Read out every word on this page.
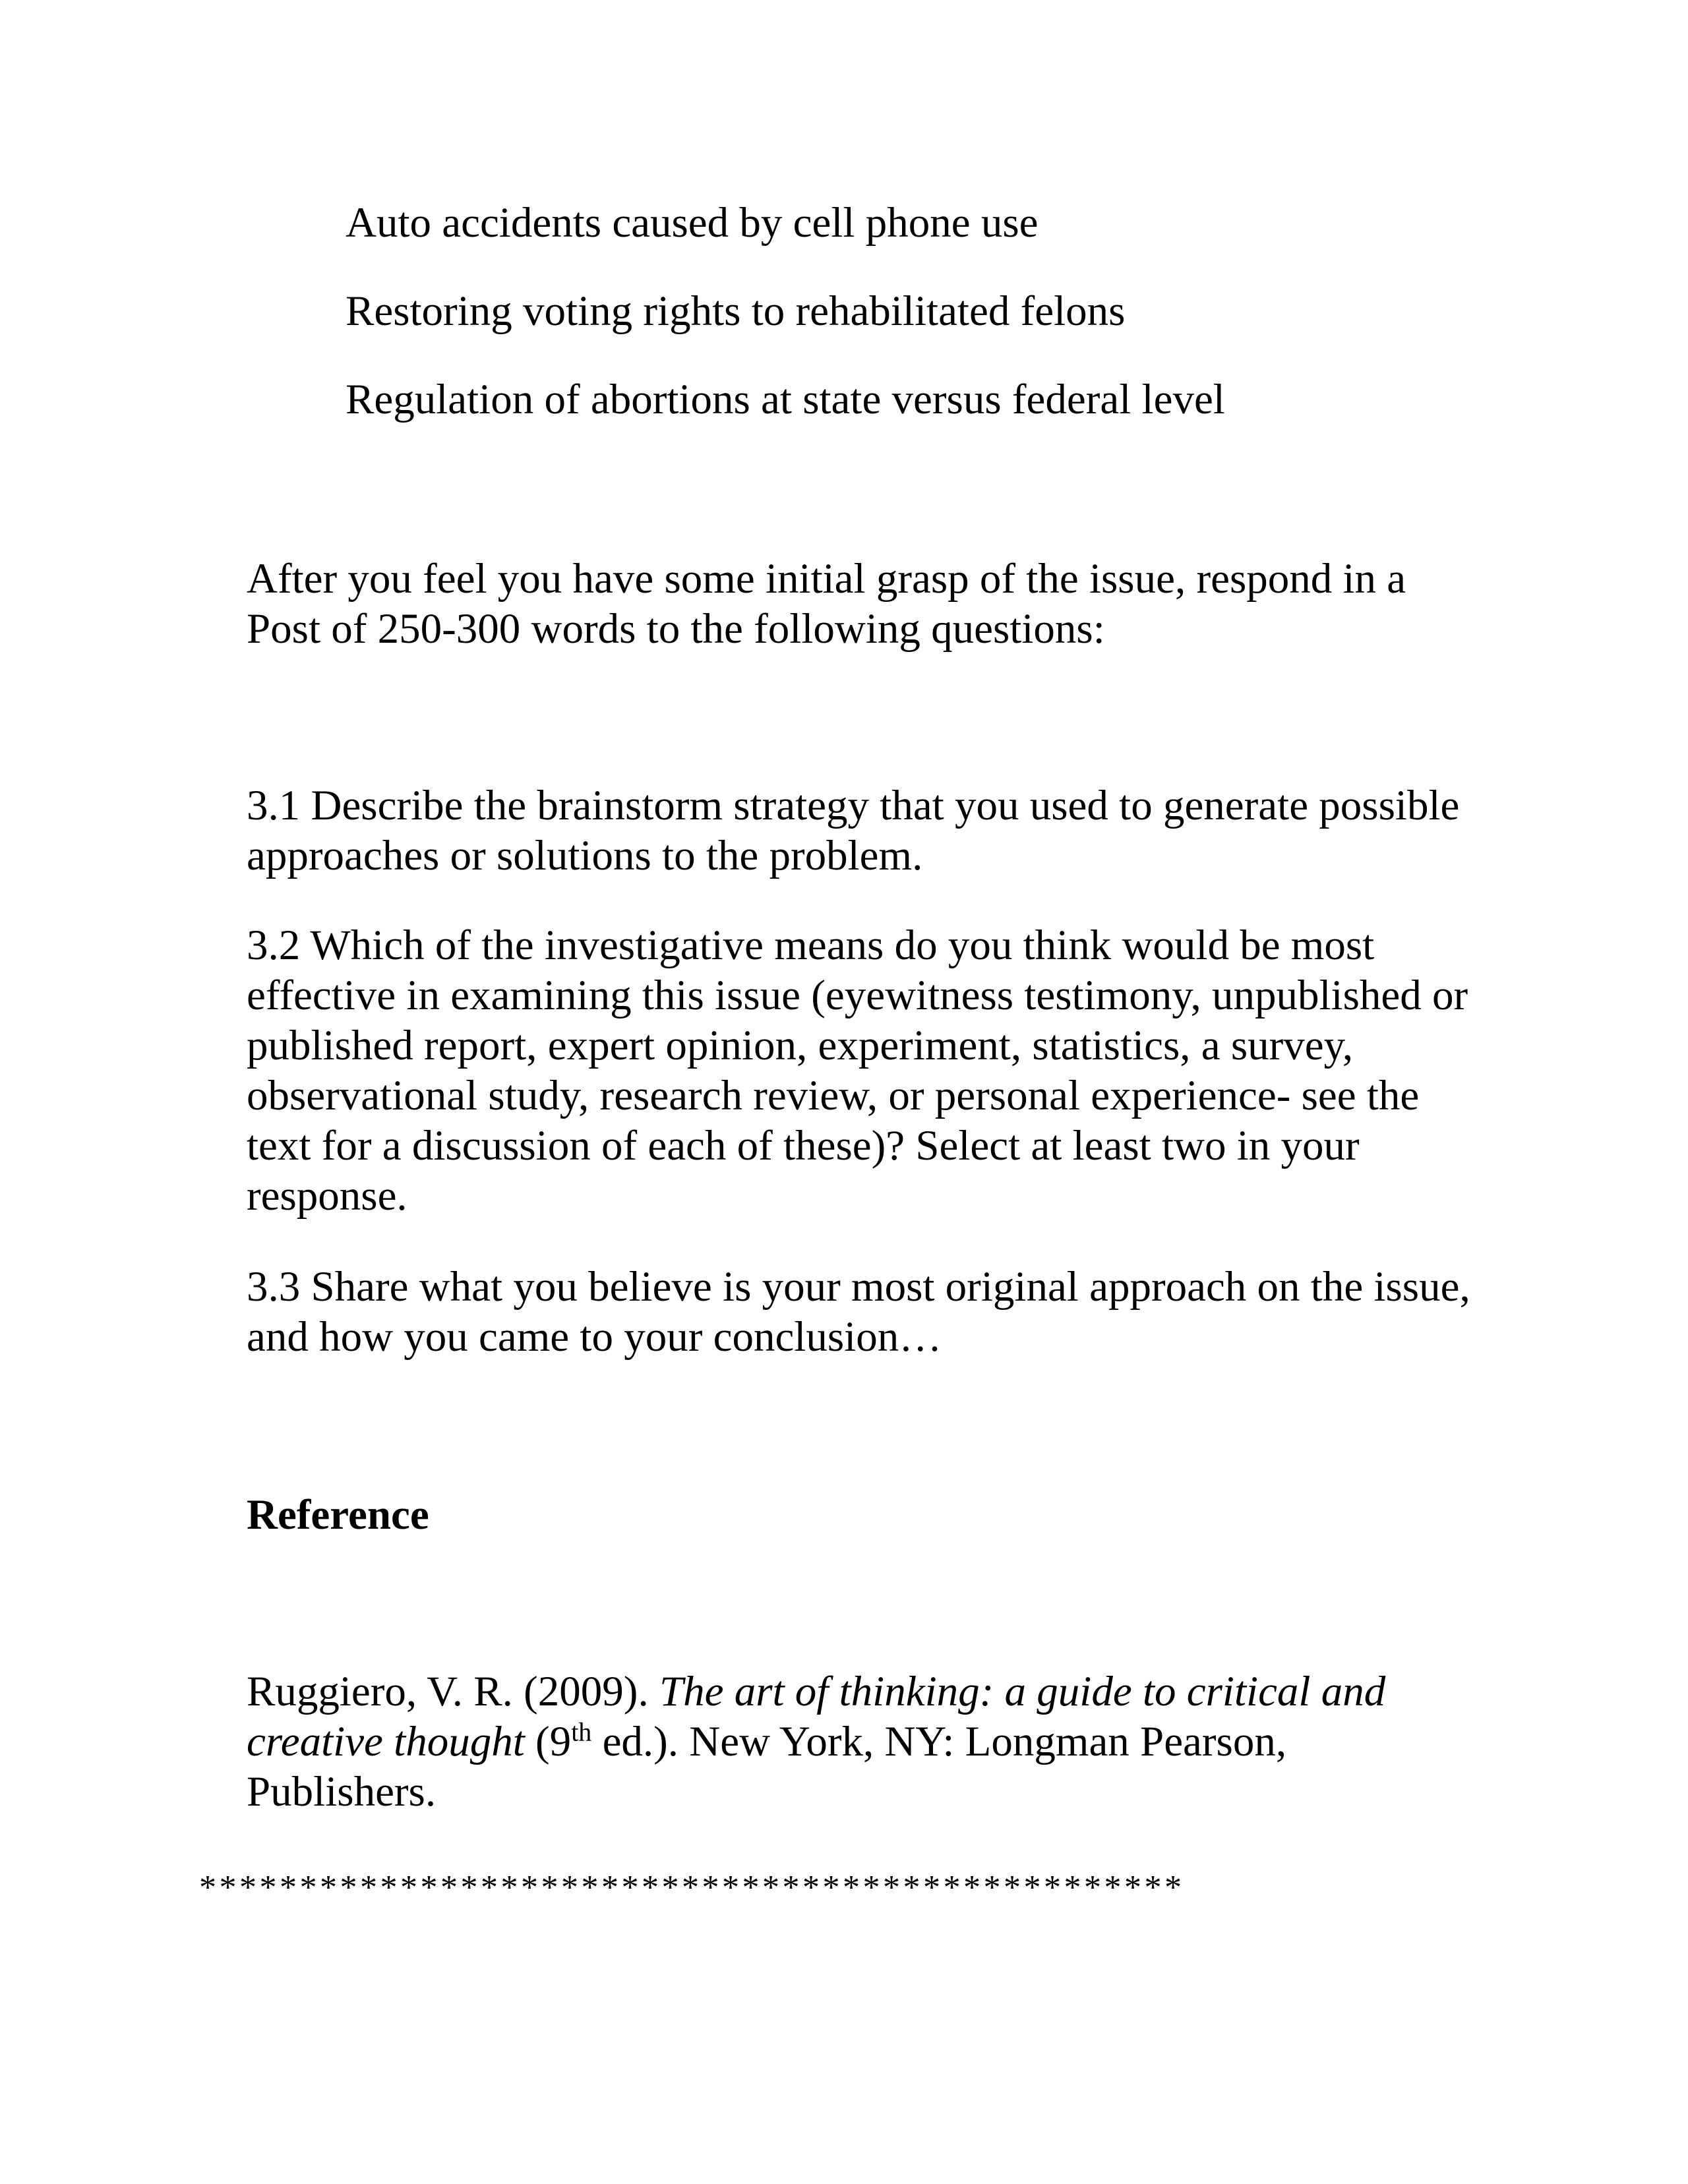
Auto accidents caused by cell phone use
Restoring voting rights to rehabilitated felons
Regulation of abortions at state versus federal level

After you feel you have some initial grasp of the issue, respond in a Post of 250-300 words to the following questions:

3.1 Describe the brainstorm strategy that you used to generate possible approaches or solutions to the problem.

3.2 Which of the investigative means do you think would be most effective in examining this issue (eyewitness testimony, unpublished or published report, expert opinion, experiment, statistics, a survey, observational study, research review, or personal experience- see the text for a discussion of each of these)? Select at least two in your response.

3.3 Share what you believe is your most original approach on the issue, and how you came to your conclusion…

Reference

Ruggiero, V. R. (2009). The art of thinking: a guide to critical and creative thought (9th ed.). New York, NY: Longman Pearson, Publishers.

*************************************************
